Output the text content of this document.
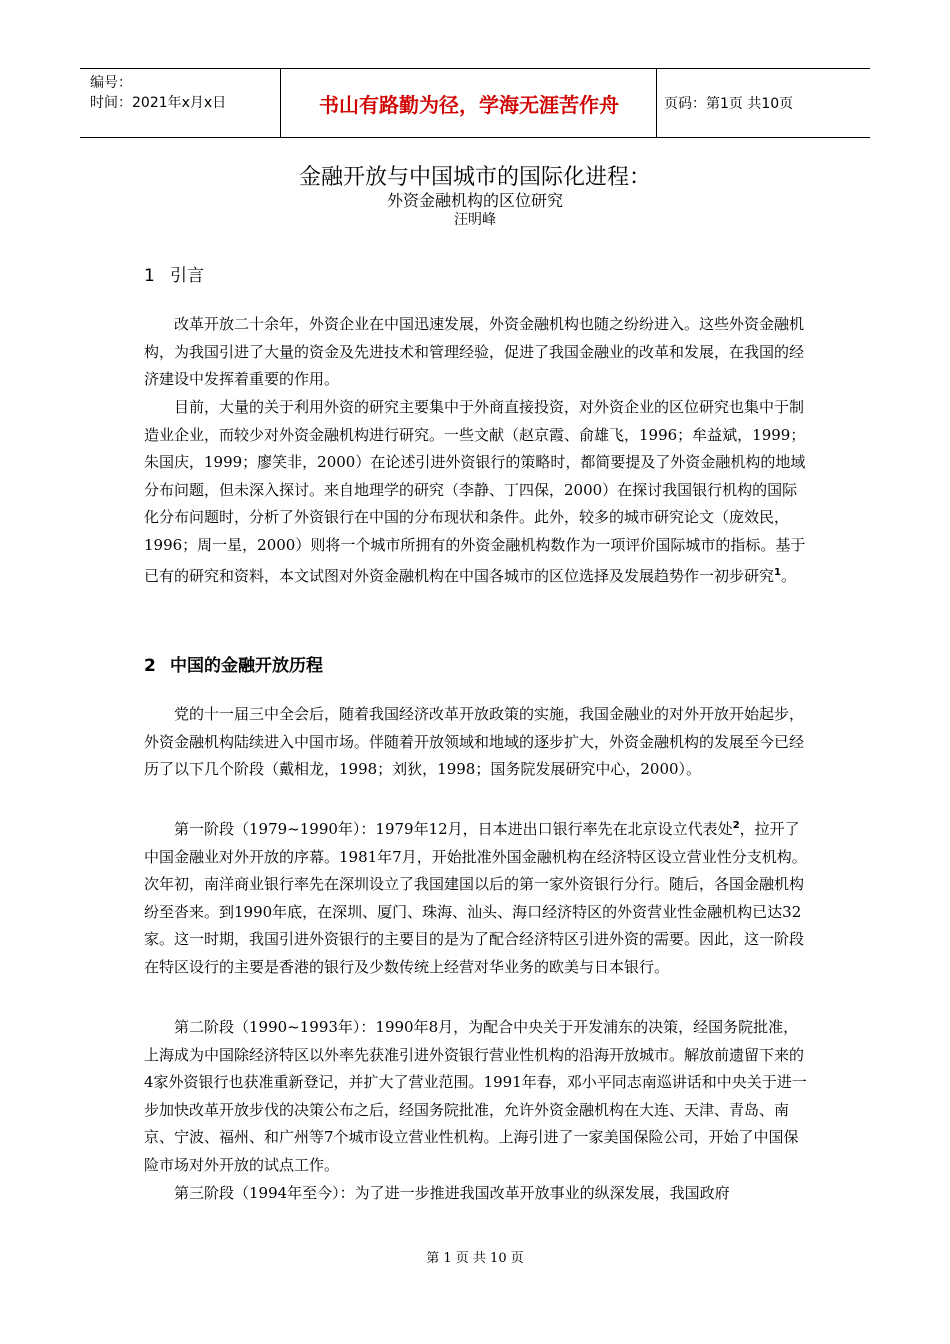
编号：
时间：2021年x月x日	书山有路勤为径，学海无涯苦作舟	页码：第1页 共10页
金融开放与中国城市的国际化进程：
外资金融机构的区位研究
汪明峰
1 引言

改革开放二十余年，外资企业在中国迅速发展，外资金融机构也随之纷纷进入。这些外资金融机构，为我国引进了大量的资金及先进技术和管理经验，促进了我国金融业的改革和发展，在我国的经济建设中发挥着重要的作用。

目前，大量的关于利用外资的研究主要集中于外商直接投资，对外资企业的区位研究也集中于制造业企业，而较少对外资金融机构进行研究。一些文献（赵京霞、俞雄飞，1996；牟益斌，1999；朱国庆，1999；廖笑非，2000）在论述引进外资银行的策略时，都简要提及了外资金融机构的地域分布问题，但未深入探讨。来自地理学的研究（李静、丁四保，2000）在探讨我国银行机构的国际化分布问题时，分析了外资银行在中国的分布现状和条件。此外，较多的城市研究论文（庞效民，1996；周一星，2000）则将一个城市所拥有的外资金融机构数作为一项评价国际城市的指标。基于已有的研究和资料，本文试图对外资金融机构在中国各城市的区位选择及发展趋势作一初步研究$^1$。

2 中国的金融开放历程

党的十一届三中全会后，随着我国经济改革开放政策的实施，我国金融业的对外开放开始起步，外资金融机构陆续进入中国市场。伴随着开放领域和地域的逐步扩大，外资金融机构的发展至今已经历了以下几个阶段（戴相龙，1998；刘狄，1998；国务院发展研究中心，2000）。

第一阶段（1979~1990年）：1979年12月，日本进出口银行率先在北京设立代表处$^2$，拉开了中国金融业对外开放的序幕。1981年7月，开始批准外国金融机构在经济特区设立营业性分支机构。次年初，南洋商业银行率先在深圳设立了我国建国以后的第一家外资银行分行。随后，各国金融机构纷至沓来。到1990年底，在深圳、厦门、珠海、汕头、海口经济特区的外资营业性金融机构已达32家。这一时期，我国引进外资银行的主要目的是为了配合经济特区引进外资的需要。因此，这一阶段在特区设行的主要是香港的银行及少数传统上经营对华业务的欧美与日本银行。

第二阶段（1990~1993年）：1990年8月，为配合中央关于开发浦东的决策，经国务院批准，上海成为中国除经济特区以外率先获准引进外资银行营业性机构的沿海开放城市。解放前遗留下来的4家外资银行也获准重新登记，并扩大了营业范围。1991年春，邓小平同志南巡讲话和中央关于进一步加快改革开放步伐的决策公布之后，经国务院批准，允许外资金融机构在大连、天津、青岛、南京、宁波、福州、和广州等7个城市设立营业性机构。上海引进了一家美国保险公司，开始了中国保险市场对外开放的试点工作。

第三阶段（1994年至今）：为了进一步推进我国改革开放事业的纵深发展，我国政府

第 1 页 共 10 页
